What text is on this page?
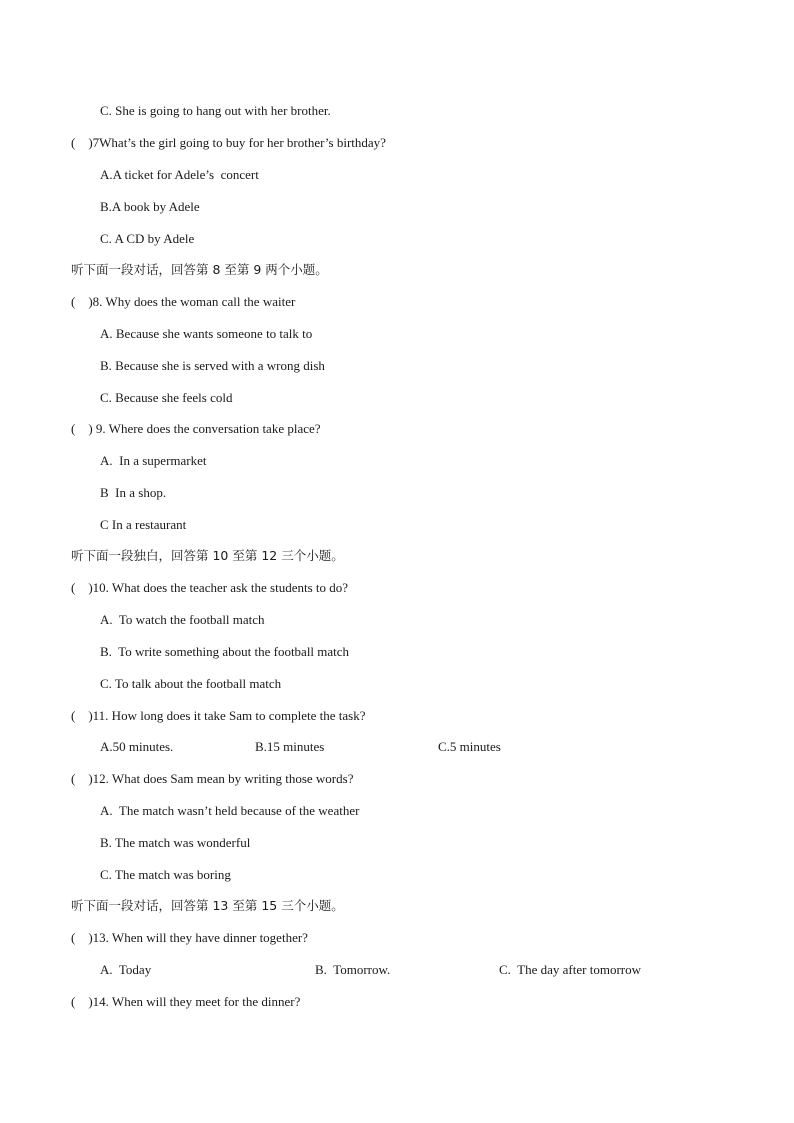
C. She is going to hang out with her brother.
(    )7What’s the girl going to buy for her brother’s birthday?
A.A ticket for Adele’s  concert
B.A book by Adele
C. A CD by Adele
听下面一段对话，回答第 8 至第 9 两个小题。
(    )8. Why does the woman call the waiter
A. Because she wants someone to talk to
B. Because she is served with a wrong dish
C. Because she feels cold
(    ) 9. Where does the conversation take place?
A.  In a supermarket
B  In a shop.
C In a restaurant
听下面一段独白，回答第 10 至第 12 三个小题。
(    )10. What does the teacher ask the students to do?
A.  To watch the football match
B.  To write something about the football match
C. To talk about the football match
(    )11. How long does it take Sam to complete the task?
A.50 minutes.	B.15 minutes	C.5 minutes
(    )12. What does Sam mean by writing those words?
A.  The match wasn’t held because of the weather
B. The match was wonderful
C. The match was boring
听下面一段对话，回答第 13 至第 15 三个小题。
(    )13. When will they have dinner together?
A.  Today	B.  Tomorrow.	C.  The day after tomorrow
(    )14. When will they meet for the dinner?
